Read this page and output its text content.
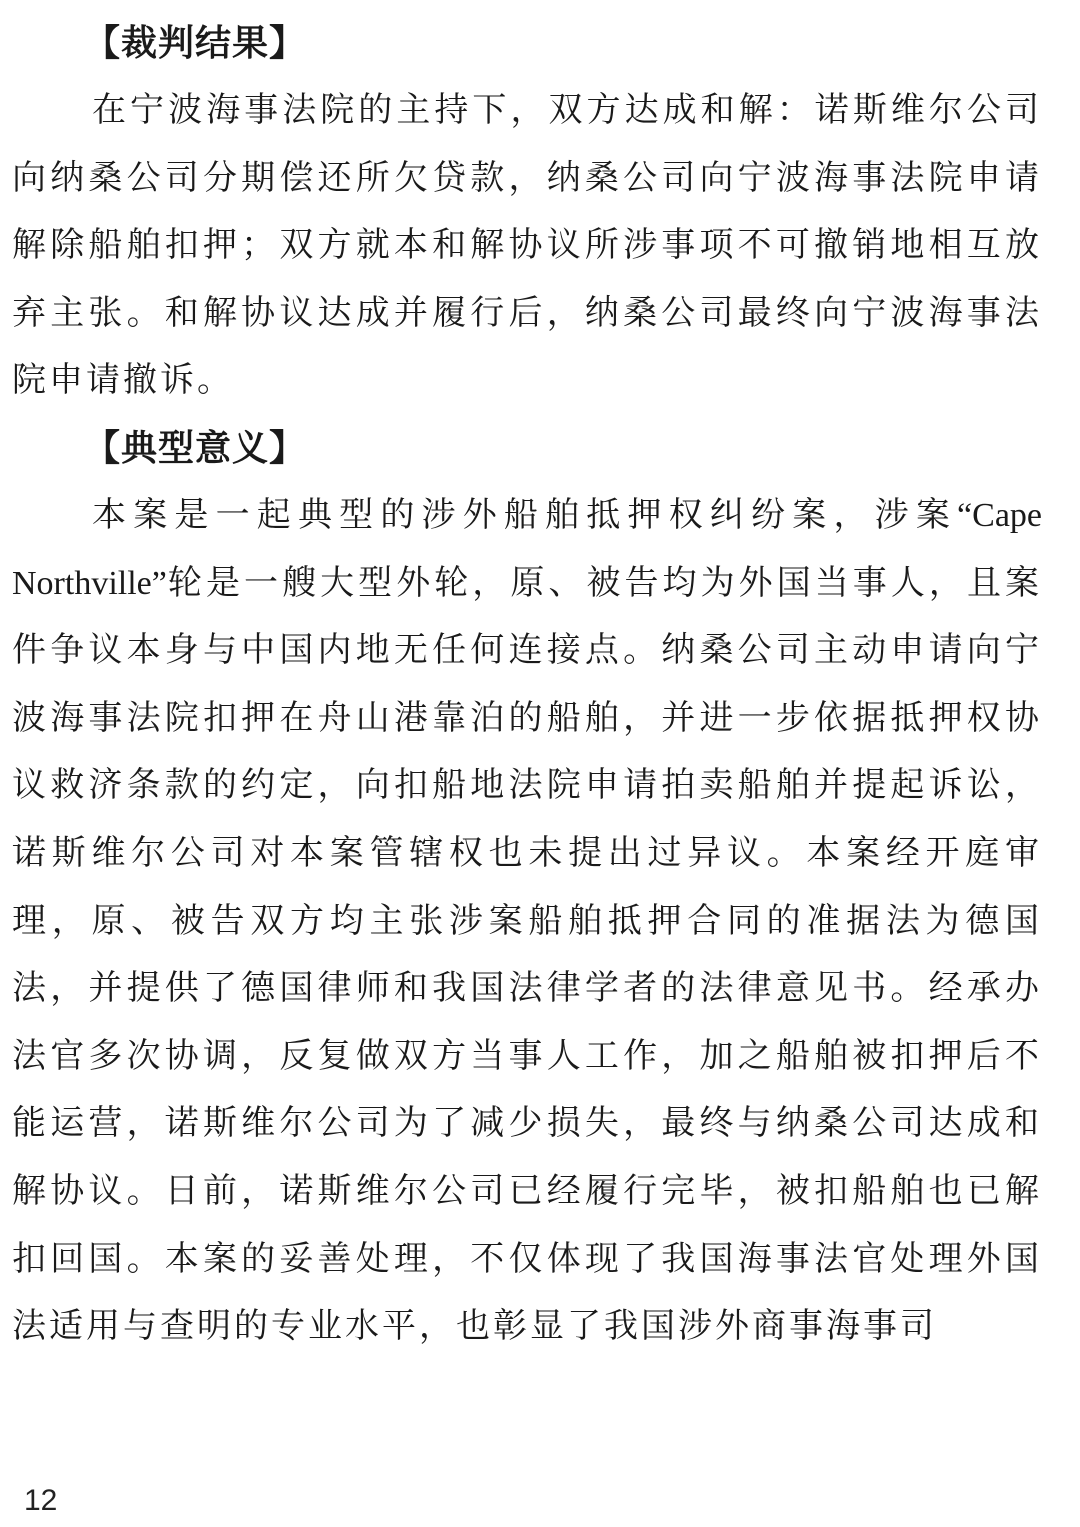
【裁判结果】

在宁波海事法院的主持下，双方达成和解：诺斯维尔公司向纳桑公司分期偿还所欠贷款，纳桑公司向宁波海事法院申请解除船舶扣押；双方就本和解协议所涉事项不可撤销地相互放弃主张。和解协议达成并履行后，纳桑公司最终向宁波海事法院申请撤诉。

【典型意义】

本案是一起典型的涉外船舶抵押权纠纷案，涉案“Cape Northville”轮是一艘大型外轮，原、被告均为外国当事人，且案件争议本身与中国内地无任何连接点。纳桑公司主动申请向宁波海事法院扣押在舟山港靠泊的船舶，并进一步依据抵押权协议救济条款的约定，向扣船地法院申请拍卖船舶并提起诉讼，诺斯维尔公司对本案管辖权也未提出过异议。本案经开庭审理，原、被告双方均主张涉案船舶抵押合同的准据法为德国法，并提供了德国律师和我国法律学者的法律意见书。经承办法官多次协调，反复做双方当事人工作，加之船舶被扣押后不能运营，诺斯维尔公司为了减少损失，最终与纳桑公司达成和解协议。日前，诺斯维尔公司已经履行完毕，被扣船舶也已解扣回国。本案的妥善处理，不仅体现了我国海事法官处理外国法适用与查明的专业水平，也彰显了我国涉外商事海事司

12
